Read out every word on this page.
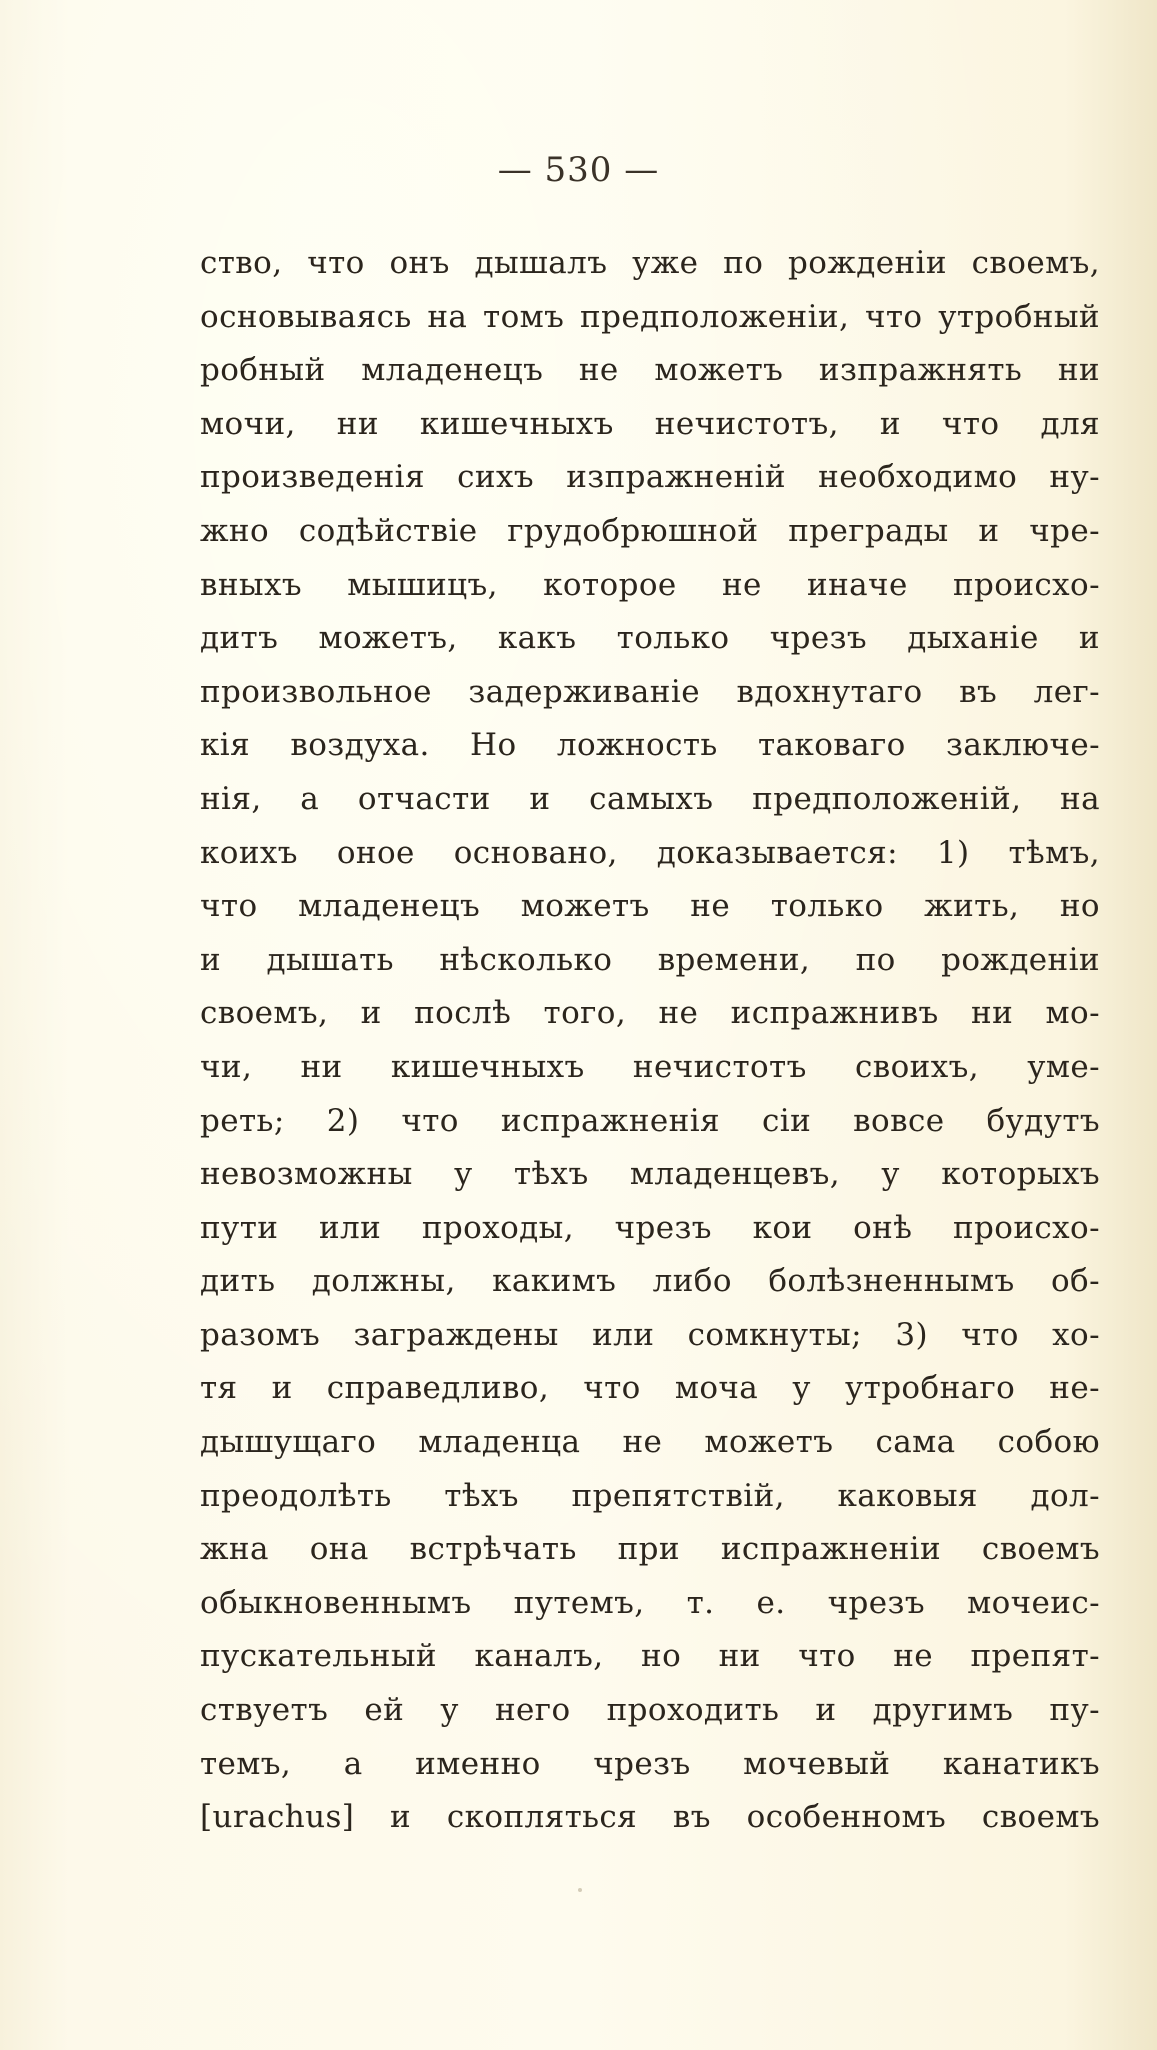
— 530 —
ство, что онъ дышалъ уже по рожденіи своемъ,
основываясь на томъ предположеніи, что утробный
робный младенецъ не можетъ изпражнять ни
мочи, ни кишечныхъ нечистотъ, и что для
произведенія сихъ изпражненій необходимо ну-
жно содѣйствіе грудобрюшной преграды и чре-
вныхъ мышицъ, которое не иначе происхо-
дитъ можетъ, какъ только чрезъ дыханіе и
произвольное задерживаніе вдохнутаго въ лег-
кія воздуха. Но ложность таковаго заключе-
нія, а отчасти и самыхъ предположеній, на
коихъ оное основано, доказывается: 1) тѣмъ,
что младенецъ можетъ не только жить, но
и дышать нѣсколько времени, по рожденіи
своемъ, и послѣ того, не испражнивъ ни мо-
чи, ни кишечныхъ нечистотъ своихъ, уме-
реть; 2) что испражненія сіи вовсе будутъ
невозможны у тѣхъ младенцевъ, у которыхъ
пути или проходы, чрезъ кои онѣ происхо-
дить должны, какимъ либо болѣзненнымъ об-
разомъ заграждены или сомкнуты; 3) что хо-
тя и справедливо, что моча у утробнаго не-
дышущаго младенца не можетъ сама собою
преодолѣть тѣхъ препятствій, каковыя дол-
жна она встрѣчать при испражненіи своемъ
обыкновеннымъ путемъ, т. е. чрезъ мочеис-
пускательный каналъ, но ни что не препят-
ствуетъ ей у него проходить и другимъ пу-
темъ, а именно чрезъ мочевый канатикъ
[urachus] и скопляться въ особенномъ своемъ
